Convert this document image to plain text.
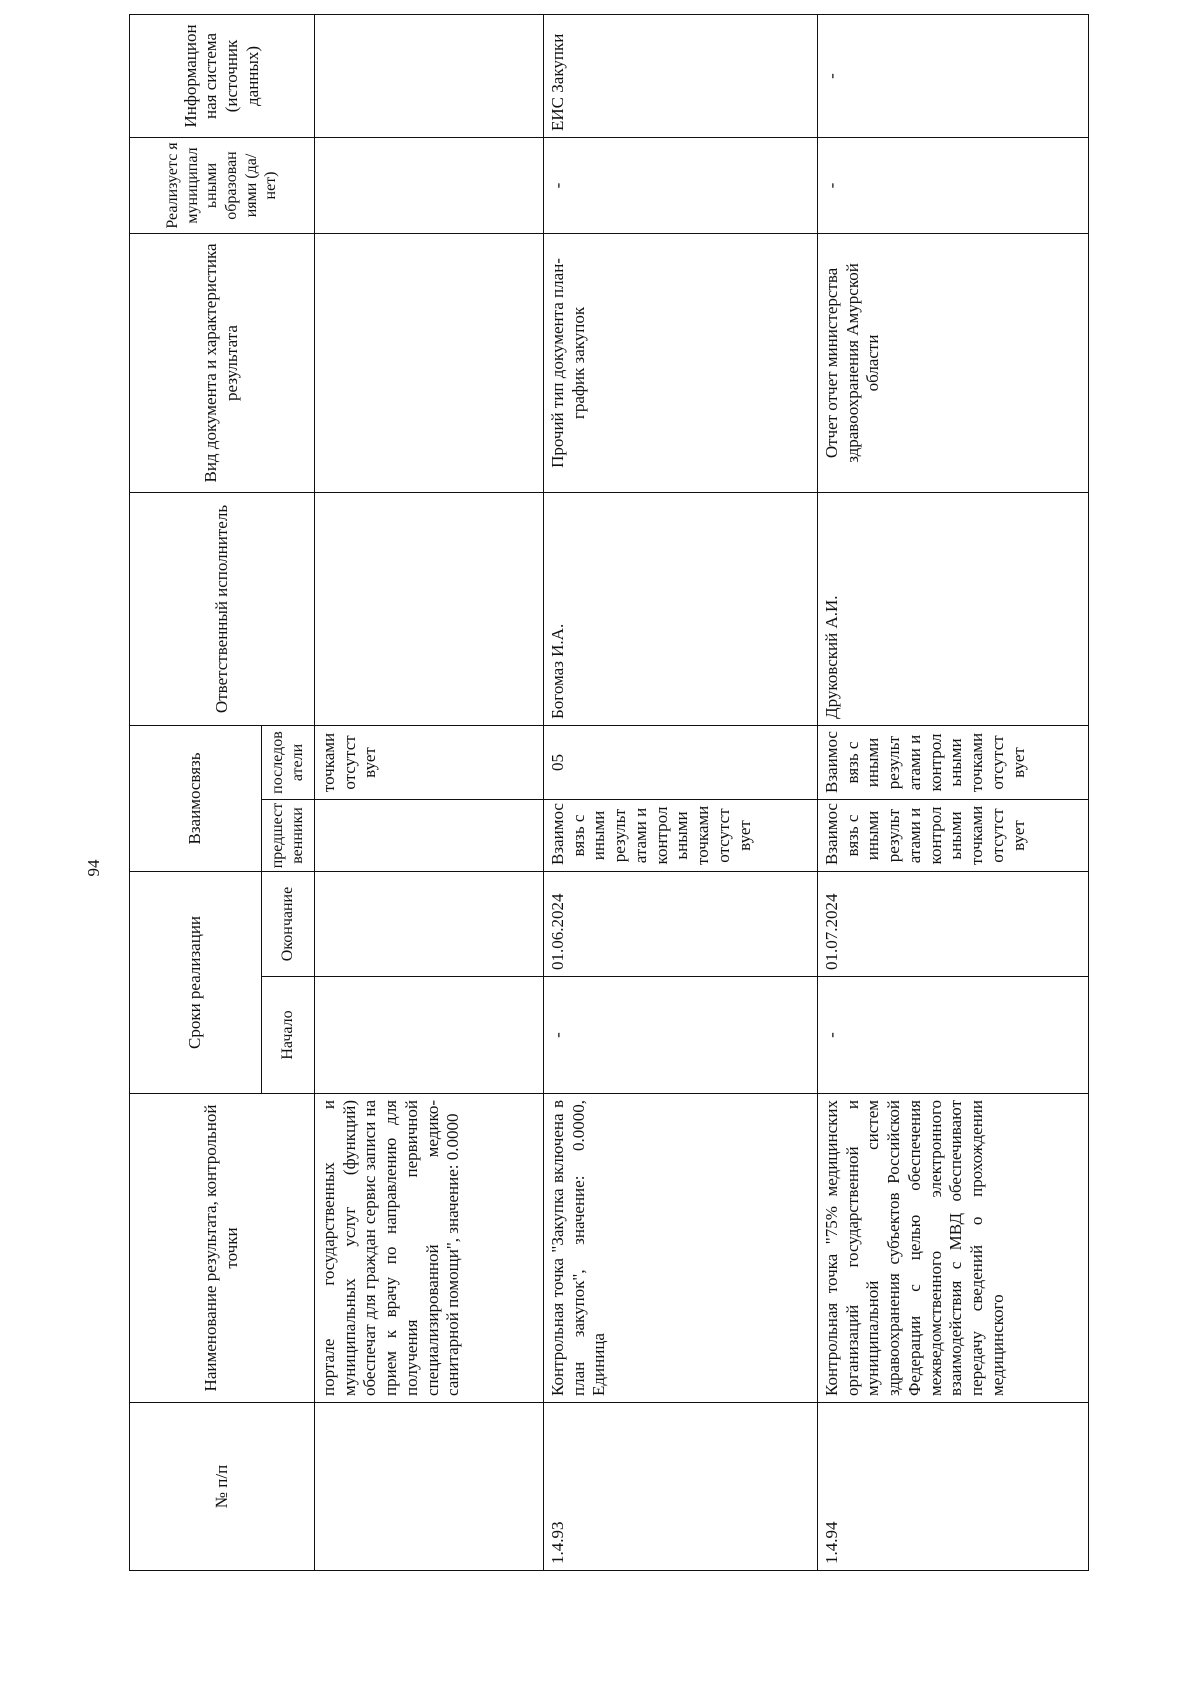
94
№ п/п	Наименование результата, контрольной точки	Сроки реализации		Взаимосвязь		Ответственный исполнитель	Вид документа и характеристика результата	Реализуетс я муниципал ьными образован иями (да/нет)	Информацион ная система (источник данных)
		Начало	Окончание	предшест венники	последов атели				
	портале государственных и муниципальных услуг (функций) обеспечат для граждан сервис записи на прием к врачу по направлению для получения первичной специализированной медико-санитарной помощи", значение: 0.0000				точками отсутст вует				
1.4.93	Контрольная точка "Закупка включена в план закупок", значение: 0.0000, Единица	-	01.06.2024	Взаимос вязь с иными результ атами и контрол ьными точками отсутст вует	05	Богомаз И.А.	Прочий тип документа план-график закупок	-	ЕИС Закупки
1.4.94	Контрольная точка "75% медицинских организаций государственной и муниципальной систем здравоохранения субъектов Российской Федерации с целью обеспечения межведомственного электронного взаимодействия с МВД обеспечивают передачу сведений о прохождении медицинского	-	01.07.2024	Взаимос вязь с иными результ атами и контрол ьными точками отсутст вует	Взаимос вязь с иными результ атами и контрол ьными точками отсутст вует	Друковский А.И.	Отчет отчет министерства здравоохранения Амурской области	-	-
